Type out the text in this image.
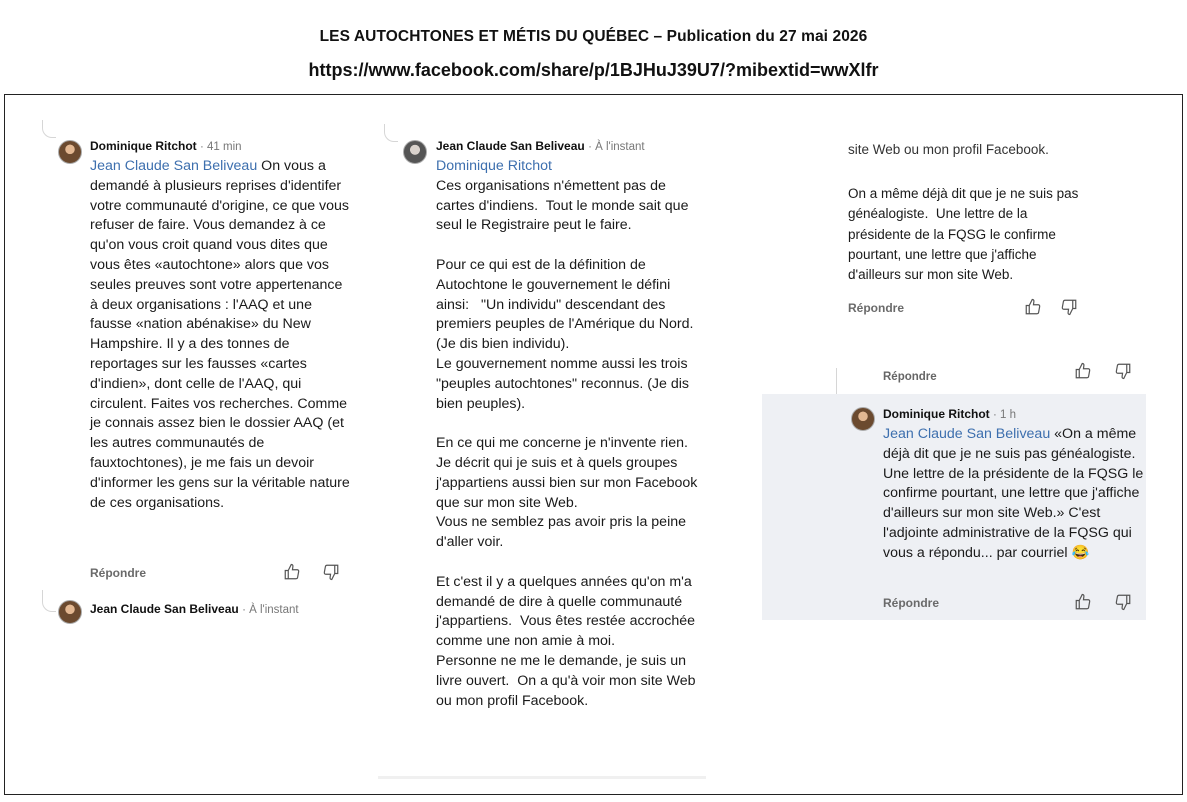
LES AUTOCHTONES ET MÉTIS DU QUÉBEC – Publication du 27 mai 2026
https://www.facebook.com/share/p/1BJHuJ39U7/?mibextid=wwXlfr
Dominique Ritchot · 41 min
Jean Claude San Beliveau On vous a demandé à plusieurs reprises d'identifer votre communauté d'origine, ce que vous refuser de faire. Vous demandez à ce qu'on vous croit quand vous dites que vous êtes «autochtone» alors que vos seules preuves sont votre appertenance à deux organisations : l'AAQ et une fausse «nation abénakise» du New Hampshire. Il y a des tonnes de reportages sur les fausses «cartes d'indien», dont celle de l'AAQ, qui circulent. Faites vos recherches. Comme je connais assez bien le dossier AAQ (et les autres communautés de fauxtochtones), je me fais un devoir d'informer les gens sur la véritable nature de ces organisations.
Répondre
Jean Claude San Beliveau · À l'instant
Jean Claude San Beliveau · À l'instant
Dominique Ritchot
Ces organisations n'émettent pas de cartes d'indiens.  Tout le monde sait que seul le Registraire peut le faire.

Pour ce qui est de la définition de Autochtone le gouvernement le défini ainsi:   "Un individu" descendant des premiers peuples de l'Amérique du Nord. (Je dis bien individu).
Le gouvernement nomme aussi les trois "peuples autochtones" reconnus. (Je dis bien peuples).

En ce qui me concerne je n'invente rien.  Je décrit qui je suis et à quels groupes j'appartiens aussi bien sur mon Facebook que sur mon site Web.
Vous ne semblez pas avoir pris la peine d'aller voir.

Et c'est il y a quelques années qu'on m'a demandé de dire à quelle communauté j'appartiens.  Vous êtes restée accrochée comme une non amie à moi.
Personne ne me le demande, je suis un livre ouvert.  On a qu'à voir mon site Web ou mon profil Facebook.
site Web ou mon profil Facebook.
On a même déjà dit que je ne suis pas généalogiste.  Une lettre de la présidente de la FQSG le confirme pourtant, une lettre que j'affiche d'ailleurs sur mon site Web.
Répondre
Répondre
Dominique Ritchot · 1 h
Jean Claude San Beliveau «On a même déjà dit que je ne suis pas généalogiste. Une lettre de la présidente de la FQSG le confirme pourtant, une lettre que j'affiche d'ailleurs sur mon site Web.» C'est l'adjointe administrative de la FQSG qui vous a répondu... par courriel 😂
Répondre
